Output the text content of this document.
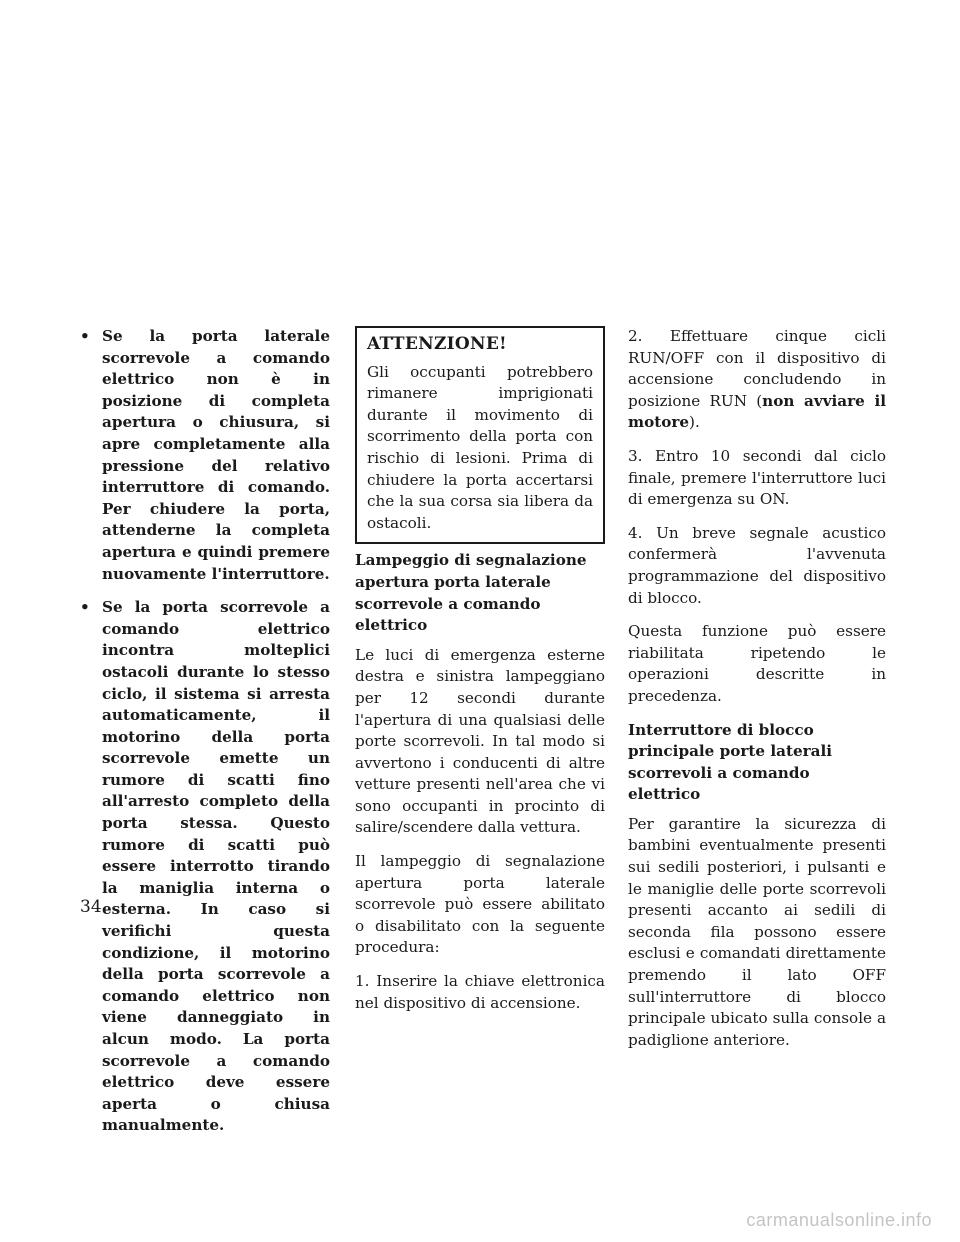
• Se la porta laterale scorrevole a comando elettrico non è in posizione di completa apertura o chiusura, si apre completamente alla pressione del relativo interruttore di comando. Per chiudere la porta, attenderne la completa apertura e quindi premere nuovamente l'interruttore.
• Se la porta scorrevole a comando elettrico incontra molteplici ostacoli durante lo stesso ciclo, il sistema si arresta automaticamente, il motorino della porta scorrevole emette un rumore di scatti fino all'arresto completo della porta stessa. Questo rumore di scatti può essere interrotto tirando la maniglia interna o esterna. In caso si verifichi questa condizione, il motorino della porta scorrevole a comando elettrico non viene danneggiato in alcun modo. La porta scorrevole a comando elettrico deve essere aperta o chiusa manualmente.
ATTENZIONE!

Gli occupanti potrebbero rimanere imprigionati durante il movimento di scorrimento della porta con rischio di lesioni. Prima di chiudere la porta accertarsi che la sua corsa sia libera da ostacoli.

Lampeggio di segnalazione apertura porta laterale scorrevole a comando elettrico

Le luci di emergenza esterne destra e sinistra lampeggiano per 12 secondi durante l'apertura di una qualsiasi delle porte scorrevoli. In tal modo si avvertono i conducenti di altre vetture presenti nell'area che vi sono occupanti in procinto di salire/scendere dalla vettura.

Il lampeggio di segnalazione apertura porta laterale scorrevole può essere abilitato o disabilitato con la seguente procedura:

1. Inserire la chiave elettronica nel dispositivo di accensione.

2. Effettuare cinque cicli RUN/OFF con il dispositivo di accensione concludendo in posizione RUN (non avviare il motore).

3. Entro 10 secondi dal ciclo finale, premere l'interruttore luci di emergenza su ON.

4. Un breve segnale acustico confermerà l'avvenuta programmazione del dispositivo di blocco.

Questa funzione può essere riabilitata ripetendo le operazioni descritte in precedenza.

Interruttore di blocco principale porte laterali scorrevoli a comando elettrico

Per garantire la sicurezza di bambini eventualmente presenti sui sedili posteriori, i pulsanti e le maniglie delle porte scorrevoli presenti accanto ai sedili di seconda fila possono essere esclusi e comandati direttamente premendo il lato OFF sull'interruttore di blocco principale ubicato sulla console a padiglione anteriore.

34
carmanualsonline.info
